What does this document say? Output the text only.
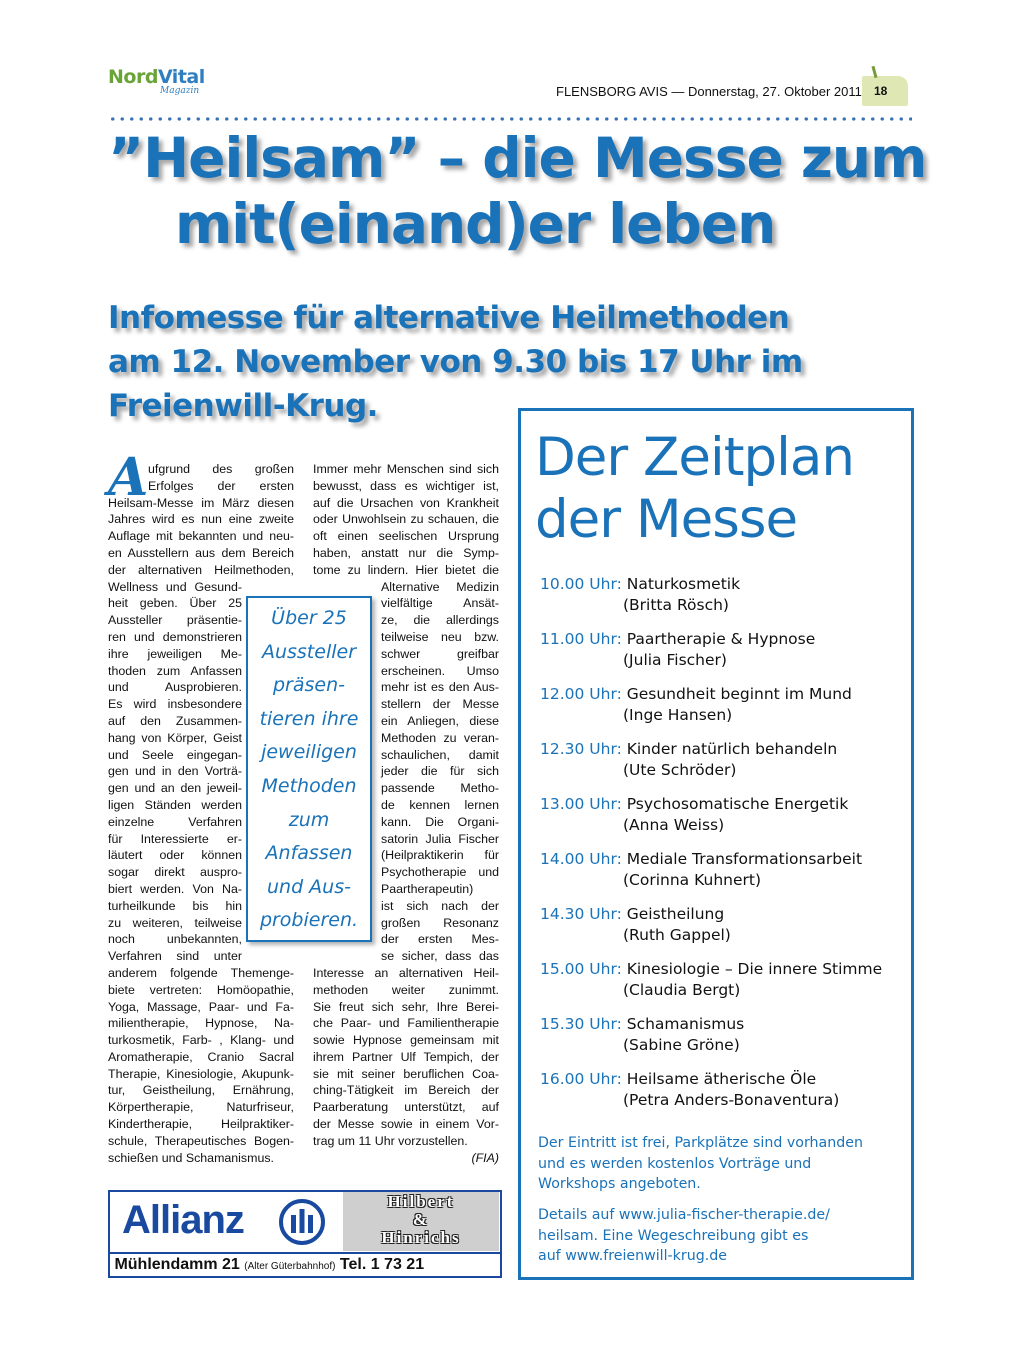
NordVital
Magazin	FLENSBORG AVIS — Donnerstag, 27. Oktober 2011 18
”Heilsam” – die Messe zum
mit(einand)er leben
Infomesse für alternative Heilmethoden
am 12. November von 9.30 bis 17 Uhr im
Freienwill-Krug.
A ufgrund des großen
Erfolges der ersten
Heilsam-Messe im März diesen
Jahres wird es nun eine zweite
Auflage mit bekannten und neu-
en Ausstellern aus dem Bereich
der alternativen Heilmethoden,
Wellness und Gesund-
heit geben. Über 25
Aussteller präsentie-
ren und demonstrieren
ihre jeweiligen Me-
thoden zum Anfassen
und Ausprobieren.
Es wird insbesondere
auf den Zusammen-
hang von Körper, Geist
und Seele eingegan-
gen und in den Vorträ-
gen und an den jeweil-
ligen Ständen werden
einzelne Verfahren
für Interessierte er-
läutert oder können
sogar direkt auspro-
biert werden. Von Na-
turheilkunde bis hin
zu weiteren, teilweise
noch unbekannten,
Verfahren sind unter
anderem folgende Themenge-
biete vertreten: Homöopathie,
Yoga, Massage, Paar- und Fa-
milientherapie, Hypnose, Na-
turkosmetik, Farb- , Klang- und
Aromatherapie, Cranio Sacral
Therapie, Kinesiologie, Akupunk-
tur, Geistheilung, Ernährung,
Körpertherapie, Naturfriseur,
Kindertherapie, Heilpraktiker-
schule, Therapeutisches Bogen-
schießen und Schamanismus.
Immer mehr Menschen sind sich
bewusst, dass es wichtiger ist,
auf die Ursachen von Krankheit
oder Unwohlsein zu schauen, die
oft einen seelischen Ursprung
haben, anstatt nur die Symp-
tome zu lindern. Hier bietet die
Alternative Medizin
vielfältige Ansät-
ze, die allerdings
teilweise neu bzw.
schwer greifbar
erscheinen. Umso
mehr ist es den Aus-
stellern der Messe
ein Anliegen, diese
Methoden zu veran-
schaulichen, damit
jeder die für sich
passende Metho-
de kennen lernen
kann. Die Organi-
satorin Julia Fischer
(Heilpraktikerin für
Psychotherapie und
Paartherapeutin)
ist sich nach der
großen Resonanz
der ersten Mes-
se sicher, dass das
Interesse an alternativen Heil-
methoden weiter zunimmt.
Sie freut sich sehr, Ihre Berei-
che Paar- und Familientherapie
sowie Hypnose gemeinsam mit
ihrem Partner Ulf Tempich, der
sie mit seiner beruflichen Coa-
ching-Tätigkeit im Bereich der
Paarberatung unterstützt, auf
der Messe sowie in einem Vor-
trag um 11 Uhr vorzustellen.
(FIA)
Über 25
Aussteller
präsen-
tieren ihre
jeweiligen
Methoden
zum
Anfassen
und Aus-
probieren.
Der Zeitplan
der Messe
10.00 Uhr: Naturkosmetik
(Britta Rösch)
11.00 Uhr: Paartherapie & Hypnose
(Julia Fischer)
12.00 Uhr: Gesundheit beginnt im Mund
(Inge Hansen)
12.30 Uhr: Kinder natürlich behandeln
(Ute Schröder)
13.00 Uhr: Psychosomatische Energetik
(Anna Weiss)
14.00 Uhr: Mediale Transformationsarbeit
(Corinna Kuhnert)
14.30 Uhr: Geistheilung
(Ruth Gappel)
15.00 Uhr: Kinesiologie – Die innere Stimme
(Claudia Bergt)
15.30 Uhr: Schamanismus
(Sabine Gröne)
16.00 Uhr: Heilsame ätherische Öle
(Petra Anders-Bonaventura)
Der Eintritt ist frei, Parkplätze sind vorhanden
und es werden kostenlos Vorträge und
Workshops angeboten.
Details auf www.julia-fischer-therapie.de/
heilsam. Eine Wegeschreibung gibt es
auf www.freienwill-krug.de
Allianz	Hilbert
&
Hinrichs
Mühlendamm 21 (Alter Güterbahnhof) Tel. 1 73 21
